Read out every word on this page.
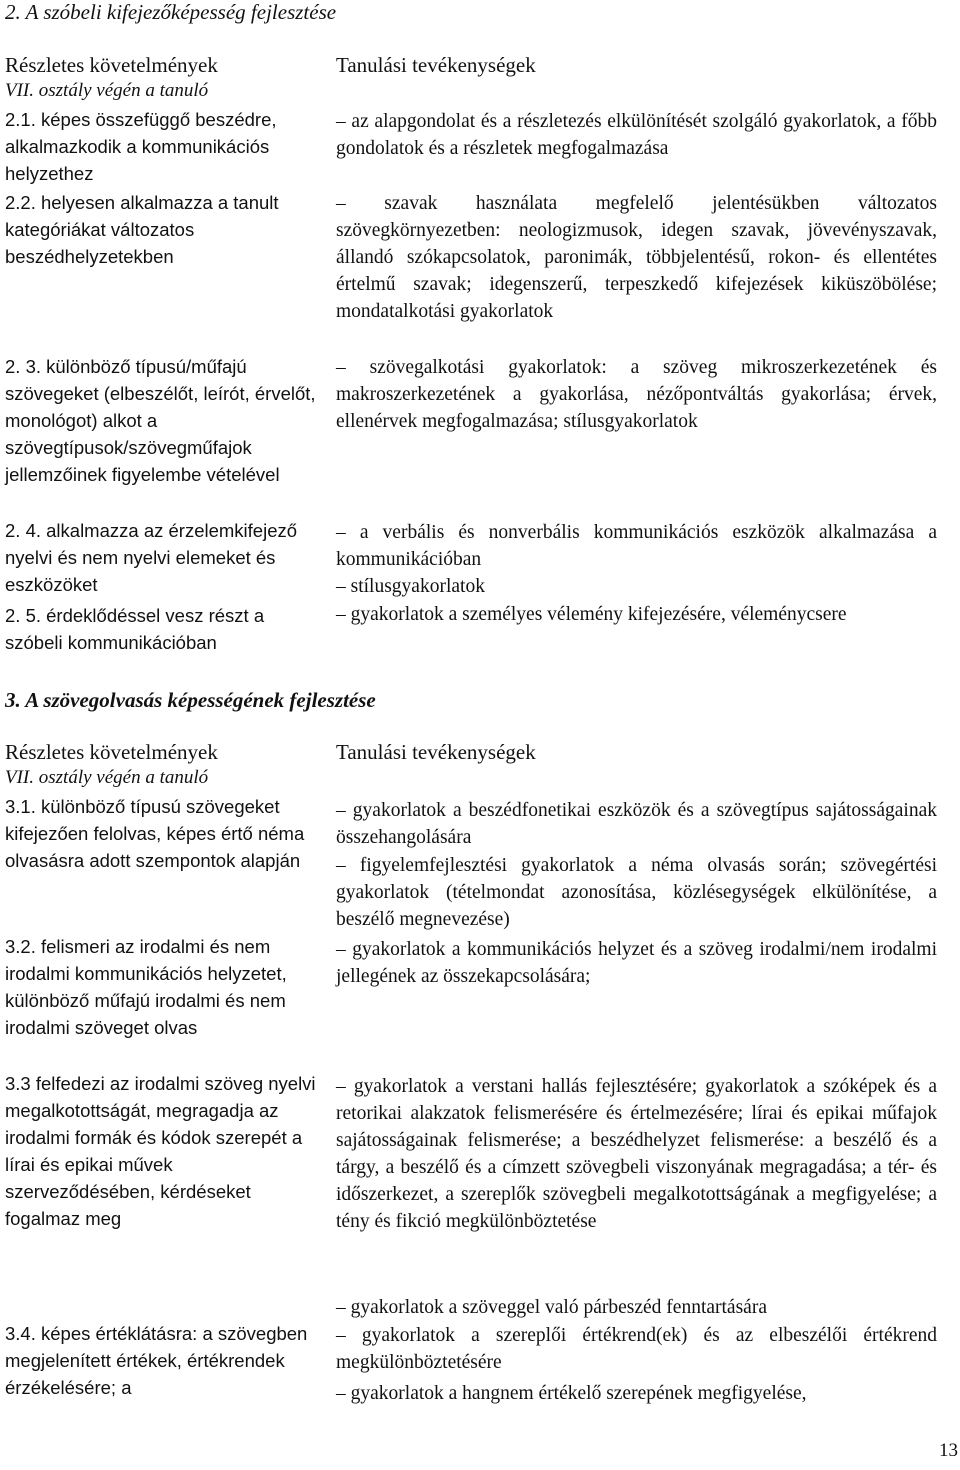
2. A szóbeli kifejezőképesség fejlesztése
Részletes követelmények
VII. osztály végén a tanuló
Tanulási tevékenységek
2.1. képes összefüggő beszédre, alkalmazkodik a kommunikációs helyzethez
2.2. helyesen alkalmazza a tanult kategóriákat változatos beszédhelyzetekben
2. 3. különböző típusú/műfajú szövegeket (elbeszélőt, leírót, érvelőt, monológot) alkot a szövegtípusok/szövegműfajok jellemzőinek figyelembe vételével
2. 4. alkalmazza az érzelemkifejező nyelvi és nem nyelvi elemeket és eszközöket
2. 5. érdeklődéssel vesz részt a szóbeli kommunikációban
– az alapgondolat és a részletezés elkülönítését szolgáló gyakorlatok, a főbb gondolatok és a részletek megfogalmazása
– szavak használata megfelelő jelentésükben változatos szövegkörnyezetben: neologizmusok, idegen szavak, jövevényszavak, állandó szókapcsolatok, paronimák, többjelentésű, rokon- és ellentétes értelmű szavak; idegenszerű, terpeszkedő kifejezések kiküszöbölése; mondatalkotási gyakorlatok
– szövegalkotási gyakorlatok: a szöveg mikroszerkezetének és makroszerkezetének a gyakorlása, nézőpontváltás gyakorlása; érvek, ellenérvek megfogalmazása; stílusgyakorlatok
– a verbális és nonverbális kommunikációs eszközök alkalmazása a kommunikációban
– stílusgyakorlatok
– gyakorlatok a személyes vélemény kifejezésére, véleménycsere
3. A szövegolvasás képességének fejlesztése
Részletes követelmények
VII. osztály végén a tanuló
Tanulási tevékenységek
3.1. különböző típusú szövegeket kifejezően felolvas, képes értő néma olvasásra adott szempontok alapján
3.2. felismeri az irodalmi és nem irodalmi kommunikációs helyzetet, különböző műfajú irodalmi és nem irodalmi szöveget olvas
3.3 felfedezi az irodalmi szöveg nyelvi megalkotottságát, megragadja az irodalmi formák és kódok szerepét a lírai és epikai művek szerveződésében, kérdéseket fogalmaz meg
3.4. képes értéklátásra: a szövegben megjelenített értékek, értékrendek érzékelésére; a
– gyakorlatok a beszédfonetikai eszközök és a szövegtípus sajátosságainak összehangolására
– figyelemfejlesztési gyakorlatok a néma olvasás során; szövegértési gyakorlatok (tételmondat azonosítása, közlésegységek elkülönítése, a beszélő megnevezése)
– gyakorlatok a kommunikációs helyzet és a szöveg irodalmi/nem irodalmi jellegének az összekapcsolására;
– gyakorlatok a verstani hallás fejlesztésére; gyakorlatok a szóképek és a retorikai alakzatok felismerésére és értelmezésére; lírai és epikai műfajok sajátosságainak felismerése; a beszédhelyzet felismerése: a beszélő és a tárgy, a beszélő és a címzett szövegbeli viszonyának megragadása; a tér- és időszerkezet, a szereplők szövegbeli megalkotottságának a megfigyelése; a tény és fikció megkülönböztetése
– gyakorlatok a szöveggel való párbeszéd fenntartására
– gyakorlatok a szereplői értékrend(ek) és az elbeszélői értékrend megkülönböztetésére
– gyakorlatok a hangnem értékelő szerepének megfigyelése,
13
